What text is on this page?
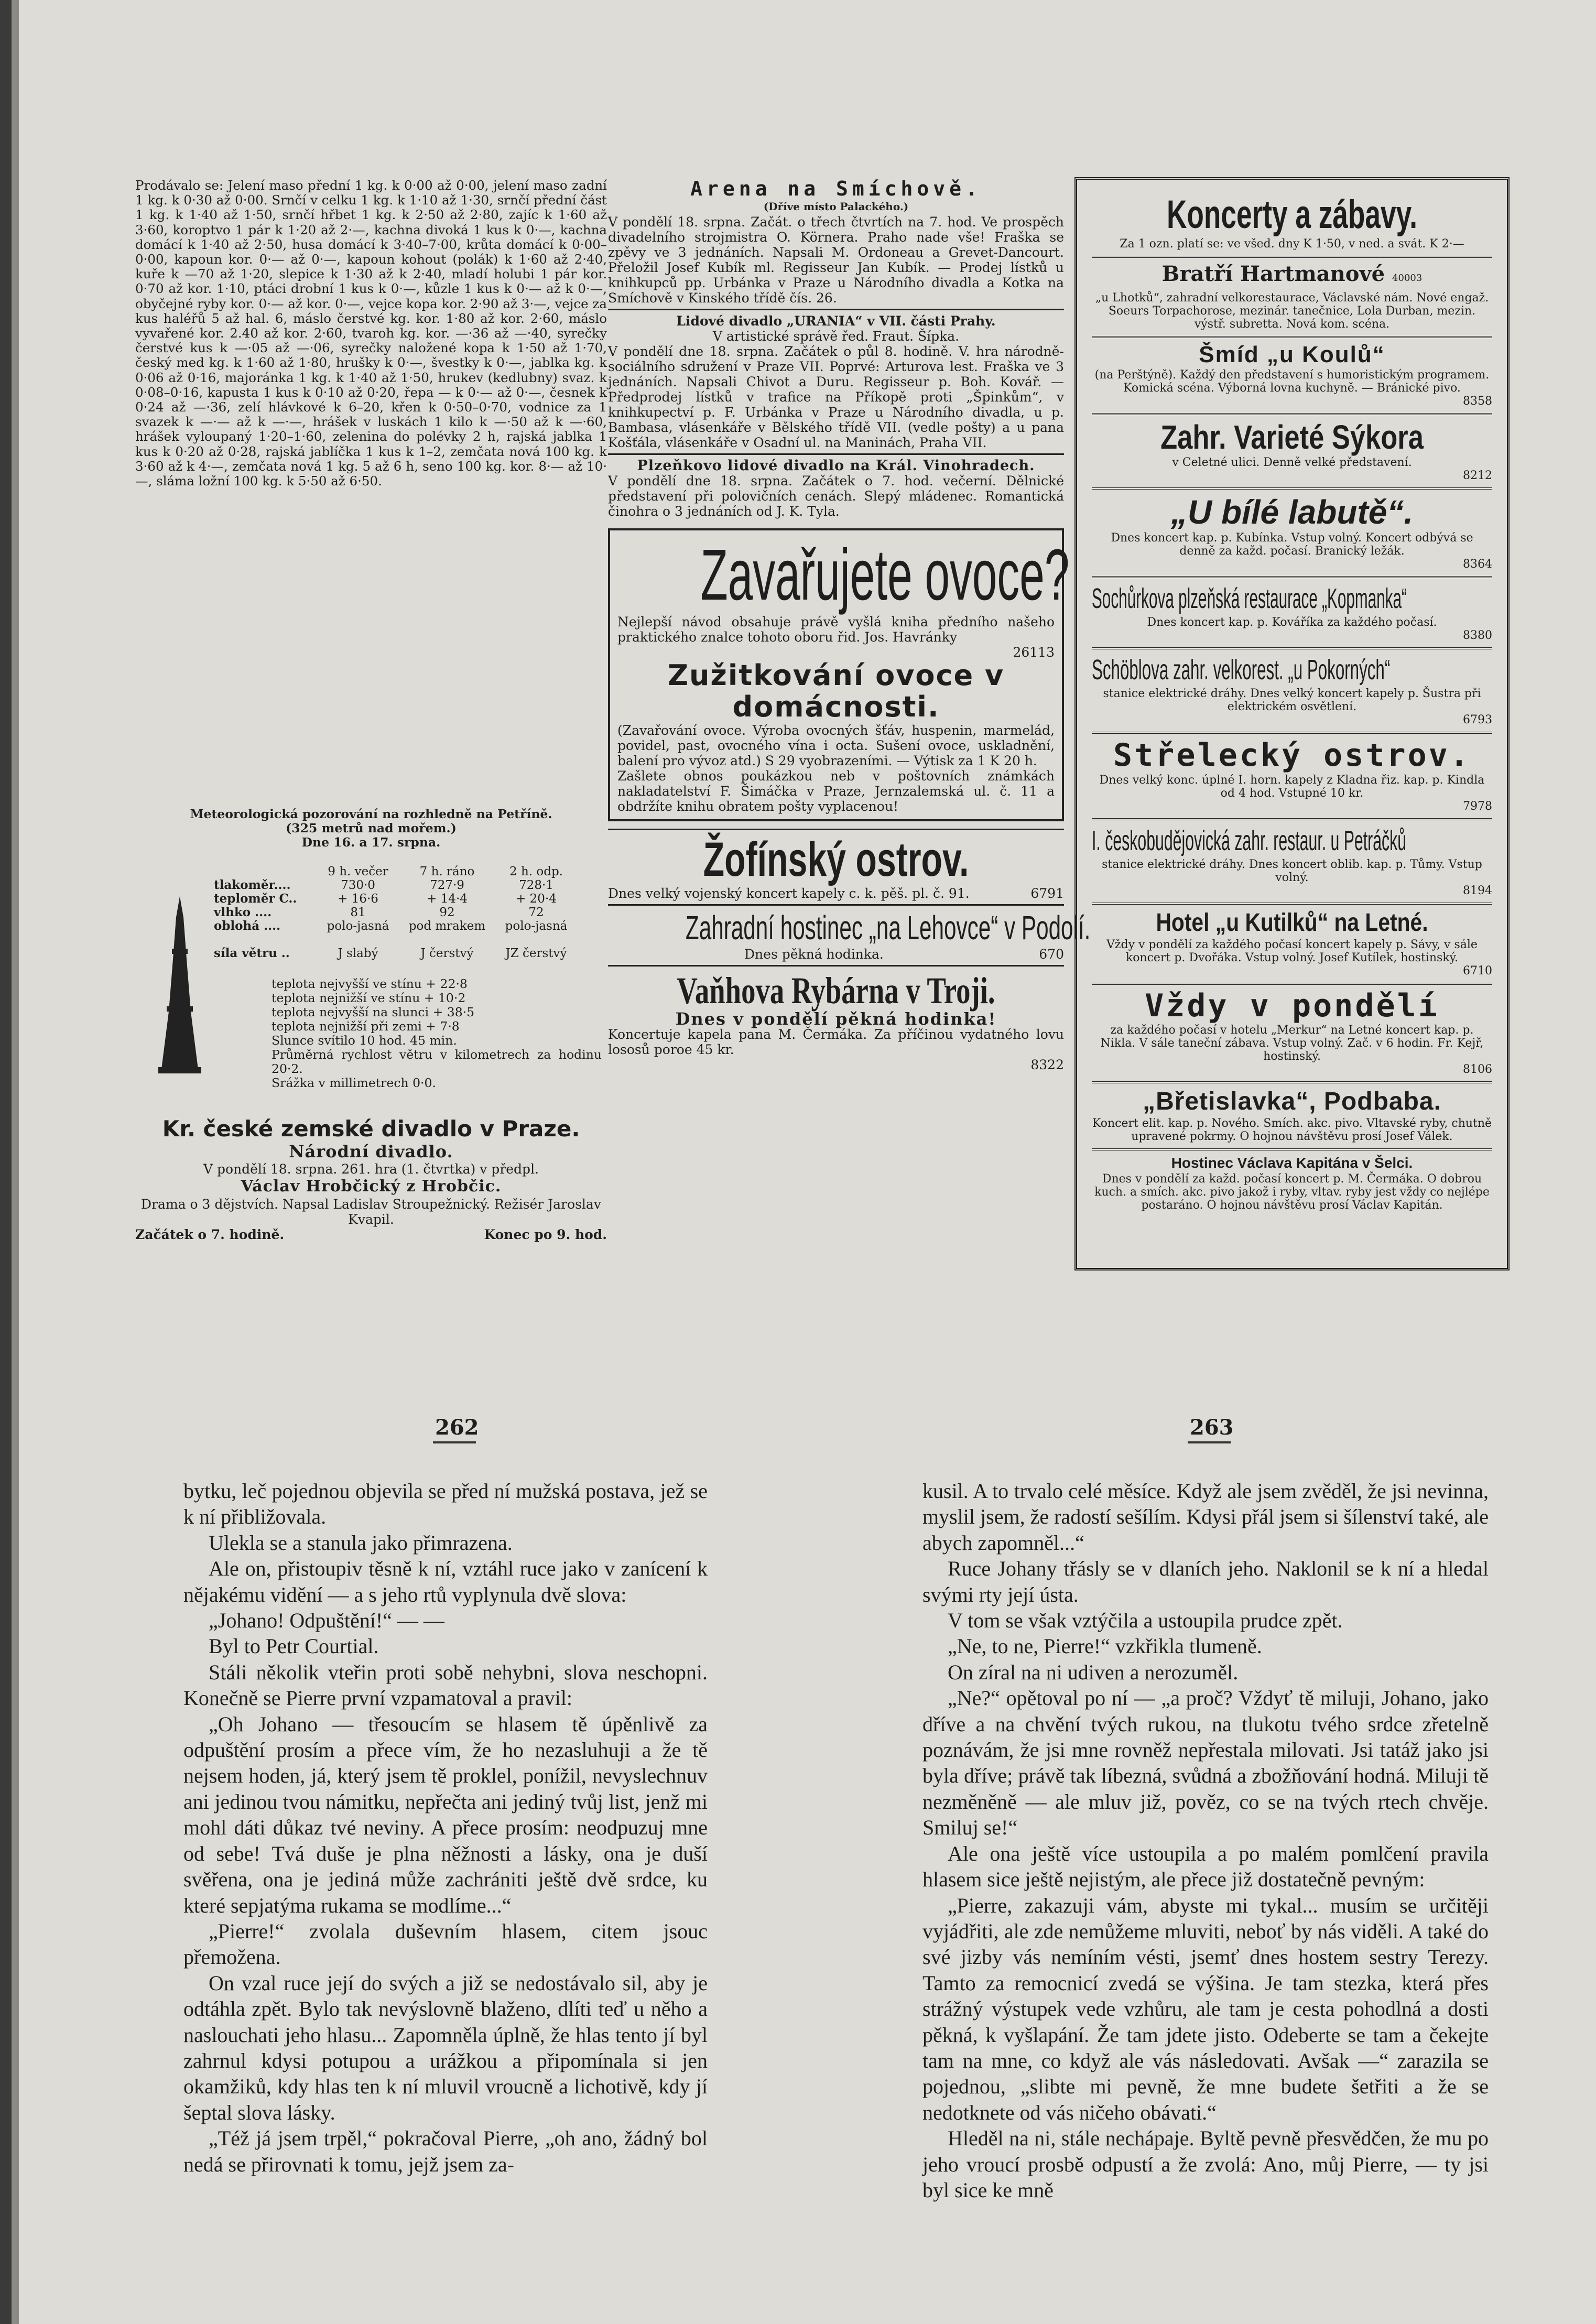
Prodávalo se: Jelení maso přední 1 kg. k 0·00 až 0·00, jelení maso zadní 1 kg. k 0·30 až 0·00. Srnčí v celku 1 kg. k 1·10 až 1·30, srnčí přední část 1 kg. k 1·40 až 1·50, srnčí hřbet 1 kg. k 2·50 až 2·80, zajíc k 1·60 až 3·60, koroptvo 1 pár k 1·20 až 2·—, kachna divoká 1 kus k 0·—, kachna domácí k 1·40 až 2·50, husa domácí k 3·40–7·00, krůta domácí k 0·00–0·00, kapoun kor. 0·— až 0·—, kapoun kohout (polák) k 1·60 až 2·40, kuře k —70 až 1·20, slepice k 1·30 až k 2·40, mladí holubi 1 pár kor. 0·70 až kor. 1·10, ptáci drobní 1 kus k 0·—, kůzle 1 kus k 0·— až k 0·—, obyčejné ryby kor. 0·— až kor. 0·—, vejce kopa kor. 2·90 až 3·—, vejce za kus haléřů 5 až hal. 6, máslo čerstvé kg. kor. 1·80 až kor. 2·60, máslo vyvařené kor. 2.40 až kor. 2·60, tvaroh kg. kor. —·36 až —·40, syrečky čerstvé kus k —·05 až —·06, syrečky naložené kopa k 1·50 až 1·70, český med kg. k 1·60 až 1·80, hrušky k 0·—, švestky k 0·—, jablka kg. k 0·06 až 0·16, majoránka 1 kg. k 1·40 až 1·50, hrukev (kedlubny) svaz. k 0·08–0·16, kapusta 1 kus k 0·10 až 0·20, řepa — k 0·— až 0·—, česnek k 0·24 až —·36, zelí hlávkové k 6–20, křen k 0·50–0·70, vodnice za 1 svazek k —·— až k —·—, hrášek v luskách 1 kilo k —·50 až k —·60, hrášek vyloupaný 1·20–1·60, zelenina do polévky 2 h, rajská jablka 1 kus k 0·20 až 0·28, rajská jablíčka 1 kus k 1–2, zemčata nová 100 kg. k 3·60 až k 4·—, zemčata nová 1 kg. 5 až 6 h, seno 100 kg. kor. 8·— až 10·—, sláma ložní 100 kg. k 5·50 až 6·50.

Meteorologická pozorování na rozhledně na Petříně.

(325 metrů nad mořem.)

Dne 16. a 17. srpna.

9 h. večer	7 h. ráno	2 h. odp.
tlakoměr....	730·0	727·9	728·1
teploměr C..	+ 16·6	+ 14·4	+ 20·4
vlhko ....	81	92	72
oblohá ....	polo-jasná	pod mrakem	polo-jasná
síla větru ..	J slabý	J čerstvý	JZ čerstvý

teplota nejvyšší ve stínu + 22·8

teplota nejnižší ve stínu + 10·2

teplota nejvyšší na slunci + 38·5

teplota nejnižší při zemi + 7·8

Slunce svítilo 10 hod. 45 min.

Průměrná rychlost větru v kilometrech za hodinu 20·2.

Srážka v millimetrech 0·0.

Kr. české zemské divadlo v Praze.

Národní divadlo.

V pondělí 18. srpna. 261. hra (1. čtvrtka) v předpl.

Václav Hrobčický z Hrobčic.

Drama o 3 dějstvích. Napsal Ladislav Stroupežnický. Režisér Jaroslav Kvapil.

Začátek o 7. hodině.	Konec po 9. hod.

Arena na Smíchově.

(Dříve místo Palackého.)

V pondělí 18. srpna. Začát. o třech čtvrtích na 7. hod. Ve prospěch divadelního strojmistra O. Körnera. Praho nade vše! Fraška se zpěvy ve 3 jednáních. Napsali M. Ordoneau a Grevet-Dancourt. Přeložil Josef Kubík ml. Regisseur Jan Kubík. — Prodej lístků u knihkupců pp. Urbánka v Praze u Národního divadla a Kotka na Smíchově v Kinského třídě čís. 26.

Lidové divadlo „URANIA“ v VII. části Prahy.

V artistické správě řed. Fraut. Šípka.

V pondělí dne 18. srpna. Začátek o půl 8. hodině. V. hra národně-sociálního sdružení v Praze VII. Poprvé: Arturova lest. Fraška ve 3 jednáních. Napsali Chivot a Duru. Regisseur p. Boh. Kovář. — Předprodej lístků v trafice na Příkopě proti „Špinkům“, v knihkupectví p. F. Urbánka v Praze u Národního divadla, u p. Bambasa, vlásenkáře v Bělského třídě VII. (vedle pošty) a u pana Košťála, vlásenkáře v Osadní ul. na Maninách, Praha VII.

Plzeňkovo lidové divadlo na Král. Vinohradech.

V pondělí dne 18. srpna. Začátek o 7. hod. večerní. Dělnické představení při polovičních cenách. Slepý mládenec. Romantická činohra o 3 jednáních od J. K. Tyla.

Zavařujete ovoce?

Nejlepší návod obsahuje právě vyšlá kniha předního našeho praktického znalce tohoto oboru řid. Jos. Havránky

26113

Zužitkování ovoce v domácnosti.

(Zavařování ovoce. Výroba ovocných šťáv, huspenin, marmelád, povidel, past, ovocného vína i octa. Sušení ovoce, uskladnění, balení pro vývoz atd.) S 29 vyobrazeními. — Výtisk za 1 K 20 h.

Zašlete obnos poukázkou neb v poštovních známkách nakladatelství F. Šimáčka v Praze, Jernzalemská ul. č. 11 a obdržíte knihu obratem pošty vyplacenou!

Žofínský ostrov.

Dnes velký vojenský koncert kapely c. k. pěš. pl. č. 91.	6791

Zahradní hostinec „na Lehovce“ v Podolí.

Dnes pěkná hodinka.	670

Vaňhova Rybárna v Troji.

Dnes v pondělí pěkná hodinka!

Koncertuje kapela pana M. Čermáka. Za příčinou vydatného lovu lososů poroe 45 kr.

8322

Koncerty a zábavy.

Za 1 ozn. platí se: ve všed. dny K 1·50, v ned. a svát. K 2·—

Bratří Hartmanové 40003

„u Lhotků“, zahradní velkorestaurace, Václavské nám. Nové engaž. Soeurs Torpachorose, mezinár. tanečnice, Lola Durban, mezin. výstř. subretta. Nová kom. scéna.

Šmíd „u Koulů“

(na Perštýně). Každý den představení s humoristickým programem. Komická scéna. Výborná lovna kuchyně. — Bránické pivo.

8358

Zahr. Varieté Sýkora

v Celetné ulici. Denně velké představení.

8212

„U bílé labutě“.

Dnes koncert kap. p. Kubínka. Vstup volný. Koncert odbývá se denně za každ. počasí. Branický ležák.

8364

Sochůrkova plzeňská restaurace „Kopmanka“

Dnes koncert kap. p. Kováříka za každého počasí.

8380

Schöblova zahr. velkorest. „u Pokorných“

stanice elektrické dráhy. Dnes velký koncert kapely p. Šustra při elektrickém osvětlení.

6793

Střelecký ostrov.

Dnes velký konc. úplné I. horn. kapely z Kladna řiz. kap. p. Kindla od 4 hod. Vstupné 10 kr.

7978

I. českobudějovická zahr. restaur. u Petráčků

stanice elektrické dráhy. Dnes koncert oblib. kap. p. Tůmy. Vstup volný.

8194

Hotel „u Kutilků“ na Letné.

Vždy v pondělí za každého počasí koncert kapely p. Sávy, v sále koncert p. Dvořáka. Vstup volný. Josef Kutílek, hostinský.

6710

Vždy v pondělí

za každého počasí v hotelu „Merkur“ na Letné koncert kap. p. Nikla. V sále taneční zábava. Vstup volný. Zač. v 6 hodin. Fr. Kejř, hostinský.

8106

„Břetislavka“, Podbaba.

Koncert elit. kap. p. Nového. Smích. akc. pivo. Vltavské ryby, chutně upravené pokrmy. O hojnou návštěvu prosí Josef Válek.

Hostinec Václava Kapitána v Šelci.

Dnes v pondělí za každ. počasí koncert p. M. Čermáka. O dobrou kuch. a smích. akc. pivo jakož i ryby, vltav. ryby jest vždy co nejlépe postaráno. O hojnou návštěvu prosí Václav Kapitán.

262	263

bytku, leč pojednou objevila se před ní mužská postava, jež se k ní přibližovala.

Ulekla se a stanula jako přimrazena.

Ale on, přistoupiv těsně k ní, vztáhl ruce jako v zanícení k nějakému vidění — a s jeho rtů vyplynula dvě slova:

„Johano! Odpuštění!“ — —

Byl to Petr Courtial.

Stáli několik vteřin proti sobě nehybni, slova neschopni. Konečně se Pierre první vzpamatoval a pravil:

„Oh Johano — třesoucím se hlasem tě úpěnlivě za odpuštění prosím a přece vím, že ho nezasluhuji a že tě nejsem hoden, já, který jsem tě proklel, ponížil, nevyslechnuv ani jedinou tvou námitku, nepřečta ani jediný tvůj list, jenž mi mohl dáti důkaz tvé neviny. A přece prosím: neodpuzuj mne od sebe! Tvá duše je plna něžnosti a lásky, ona je duší svěřena, ona je jediná může zachrániti ještě dvě srdce, ku které sepjatýma rukama se modlíme...“

„Pierre!“ zvolala duševním hlasem, citem jsouc přemožena.

On vzal ruce její do svých a již se nedostávalo sil, aby je odtáhla zpět. Bylo tak nevýslovně blaženo, dlíti teď u něho a naslouchati jeho hlasu... Zapomněla úplně, že hlas tento jí byl zahrnul kdysi potupou a urážkou a připomínala si jen okamžiků, kdy hlas ten k ní mluvil vroucně a lichotivě, kdy jí šeptal slova lásky.

„Též já jsem trpěl,“ pokračoval Pierre, „oh ano, žádný bol nedá se přirovnati k tomu, jejž jsem za-

kusil. A to trvalo celé měsíce. Když ale jsem zvěděl, že jsi nevinna, myslil jsem, že radostí sešílím. Kdysi přál jsem si šílenství také, ale abych zapomněl...“

Ruce Johany třásly se v dlaních jeho. Naklonil se k ní a hledal svými rty její ústa.

V tom se však vztýčila a ustoupila prudce zpět.

„Ne, to ne, Pierre!“ vzkřikla tlumeně.

On zíral na ni udiven a nerozuměl.

„Ne?“ opětoval po ní — „a proč? Vždyť tě miluji, Johano, jako dříve a na chvění tvých rukou, na tlukotu tvého srdce zřetelně poznávám, že jsi mne rovněž nepřestala milovati. Jsi tatáž jako jsi byla dříve; právě tak líbezná, svůdná a zbožňování hodná. Miluji tě nezměněně — ale mluv již, pověz, co se na tvých rtech chvěje. Smiluj se!“

Ale ona ještě více ustoupila a po malém pomlčení pravila hlasem sice ještě nejistým, ale přece již dostatečně pevným:

„Pierre, zakazuji vám, abyste mi tykal... musím se určitěji vyjádřiti, ale zde nemůžeme mluviti, neboť by nás viděli. A také do své jizby vás nemíním vésti, jsemť dnes hostem sestry Terezy. Tamto za remocnicí zvedá se výšina. Je tam stezka, která přes strážný výstupek vede vzhůru, ale tam je cesta pohodlná a dosti pěkná, k vyšlapání. Že tam jdete jisto. Odeberte se tam a čekejte tam na mne, co když ale vás následovati. Avšak —“ zarazila se pojednou, „slibte mi pevně, že mne budete šetřiti a že se nedotknete od vás ničeho obávati.“

Hleděl na ni, stále nechápaje. Byltě pevně přesvědčen, že mu po jeho vroucí prosbě odpustí a že zvolá: Ano, můj Pierre, — ty jsi byl sice ke mně
